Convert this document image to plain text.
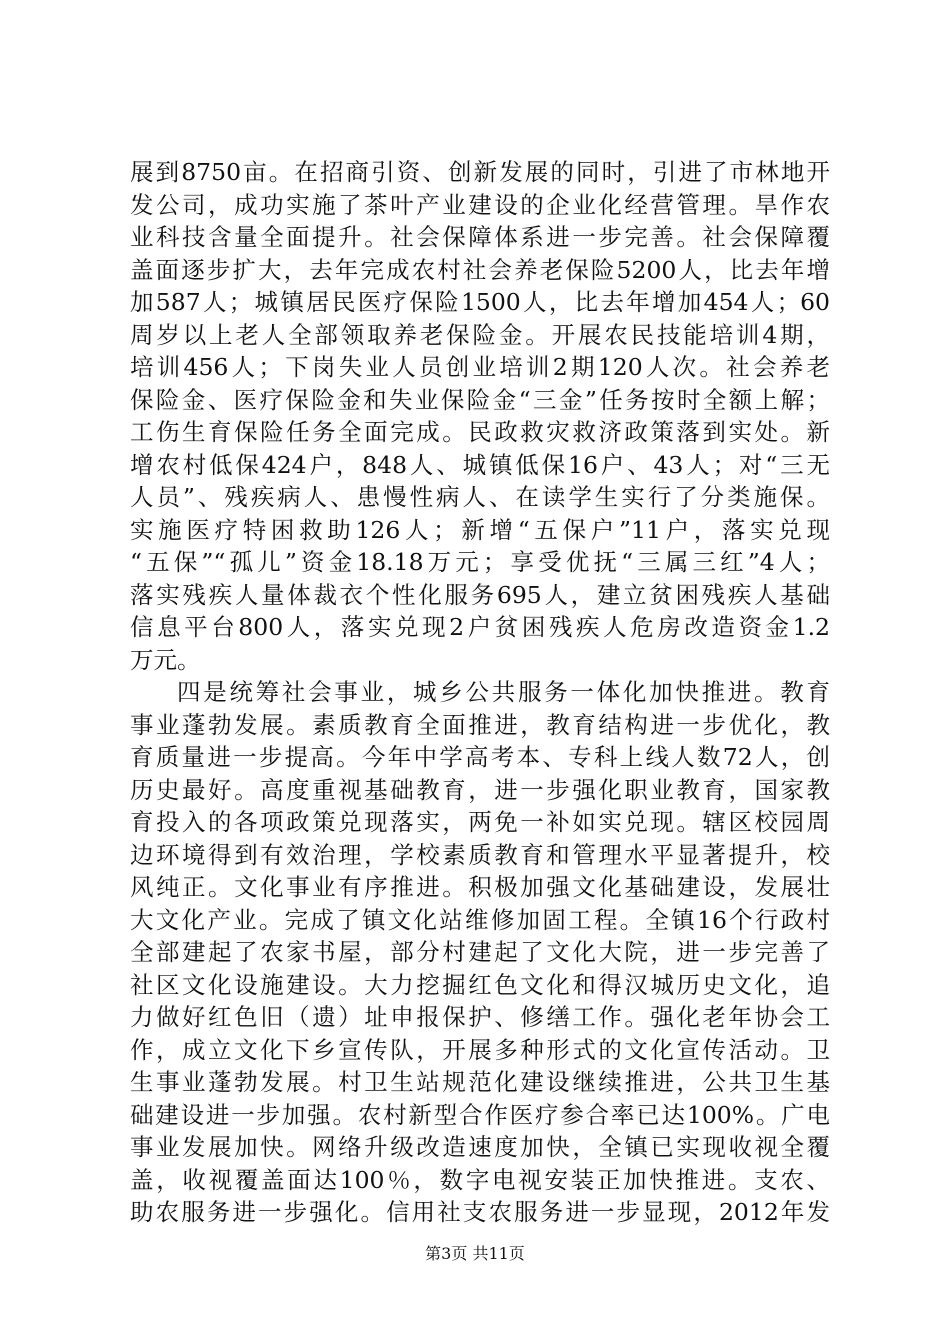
展到8750亩。在招商引资、创新发展的同时，引进了市林地开
发公司，成功实施了茶叶产业建设的企业化经营管理。旱作农
业科技含量全面提升。社会保障体系进一步完善。社会保障覆
盖面逐步扩大，去年完成农村社会养老保险5200人，比去年增
加587人；城镇居民医疗保险1500人，比去年增加454人；60
周岁以上老人全部领取养老保险金。开展农民技能培训4期，
培训456人；下岗失业人员创业培训2期120人次。社会养老
保险金、医疗保险金和失业保险金“三金”任务按时全额上解；
工伤生育保险任务全面完成。民政救灾救济政策落到实处。新
增农村低保424户，848人、城镇低保16户、43人；对“三无
人员”、残疾病人、患慢性病人、在读学生实行了分类施保。
实施医疗特困救助126人；新增“五保户”11户，落实兑现
“五保”“孤儿”资金18.18万元；享受优抚“三属三红”4人；
落实残疾人量体裁衣个性化服务695人，建立贫困残疾人基础
信息平台800人，落实兑现2户贫困残疾人危房改造资金1.2
万元。
四是统筹社会事业，城乡公共服务一体化加快推进。教育
事业蓬勃发展。素质教育全面推进，教育结构进一步优化，教
育质量进一步提高。今年中学高考本、专科上线人数72人，创
历史最好。高度重视基础教育，进一步强化职业教育，国家教
育投入的各项政策兑现落实，两免一补如实兑现。辖区校园周
边环境得到有效治理，学校素质教育和管理水平显著提升，校
风纯正。文化事业有序推进。积极加强文化基础建设，发展壮
大文化产业。完成了镇文化站维修加固工程。全镇16个行政村
全部建起了农家书屋，部分村建起了文化大院，进一步完善了
社区文化设施建设。大力挖掘红色文化和得汉城历史文化，追
力做好红色旧（遗）址申报保护、修缮工作。强化老年协会工
作，成立文化下乡宣传队，开展多种形式的文化宣传活动。卫
生事业蓬勃发展。村卫生站规范化建设继续推进，公共卫生基
础建设进一步加强。农村新型合作医疗参合率已达100%。广电
事业发展加快。网络升级改造速度加快，全镇已实现收视全覆
盖，收视覆盖面达100％，数字电视安装正加快推进。支农、
助农服务进一步强化。信用社支农服务进一步显现，2012年发
第3页 共11页
